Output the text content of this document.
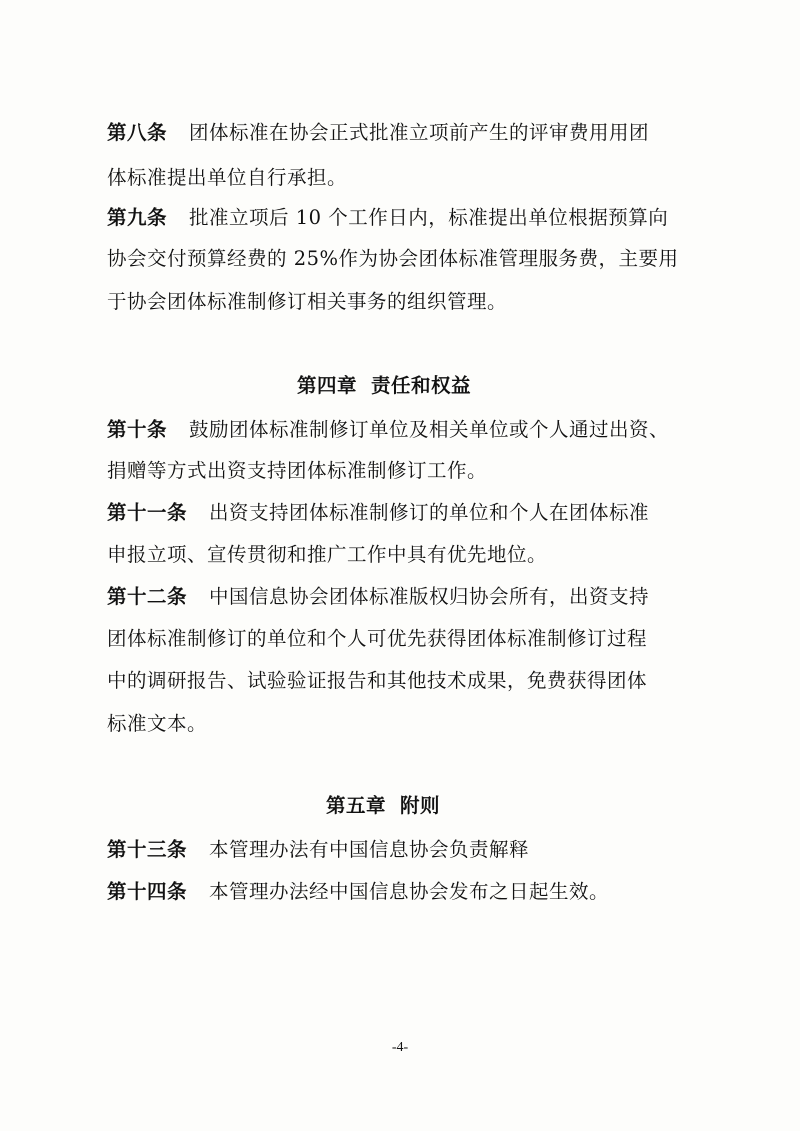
第八条 团体标准在协会正式批准立项前产生的评审费用用团
体标准提出单位自行承担。
第九条 批准立项后 10 个工作日内，标准提出单位根据预算向
协会交付预算经费的 25%作为协会团体标准管理服务费，主要用
于协会团体标准制修订相关事务的组织管理。
第四章 责任和权益
第十条 鼓励团体标准制修订单位及相关单位或个人通过出资、
捐赠等方式出资支持团体标准制修订工作。
第十一条 出资支持团体标准制修订的单位和个人在团体标准
申报立项、宣传贯彻和推广工作中具有优先地位。
第十二条 中国信息协会团体标准版权归协会所有，出资支持
团体标准制修订的单位和个人可优先获得团体标准制修订过程
中的调研报告、试验验证报告和其他技术成果，免费获得团体
标准文本。
第五章 附则
第十三条 本管理办法有中国信息协会负责解释
第十四条 本管理办法经中国信息协会发布之日起生效。
-4-
